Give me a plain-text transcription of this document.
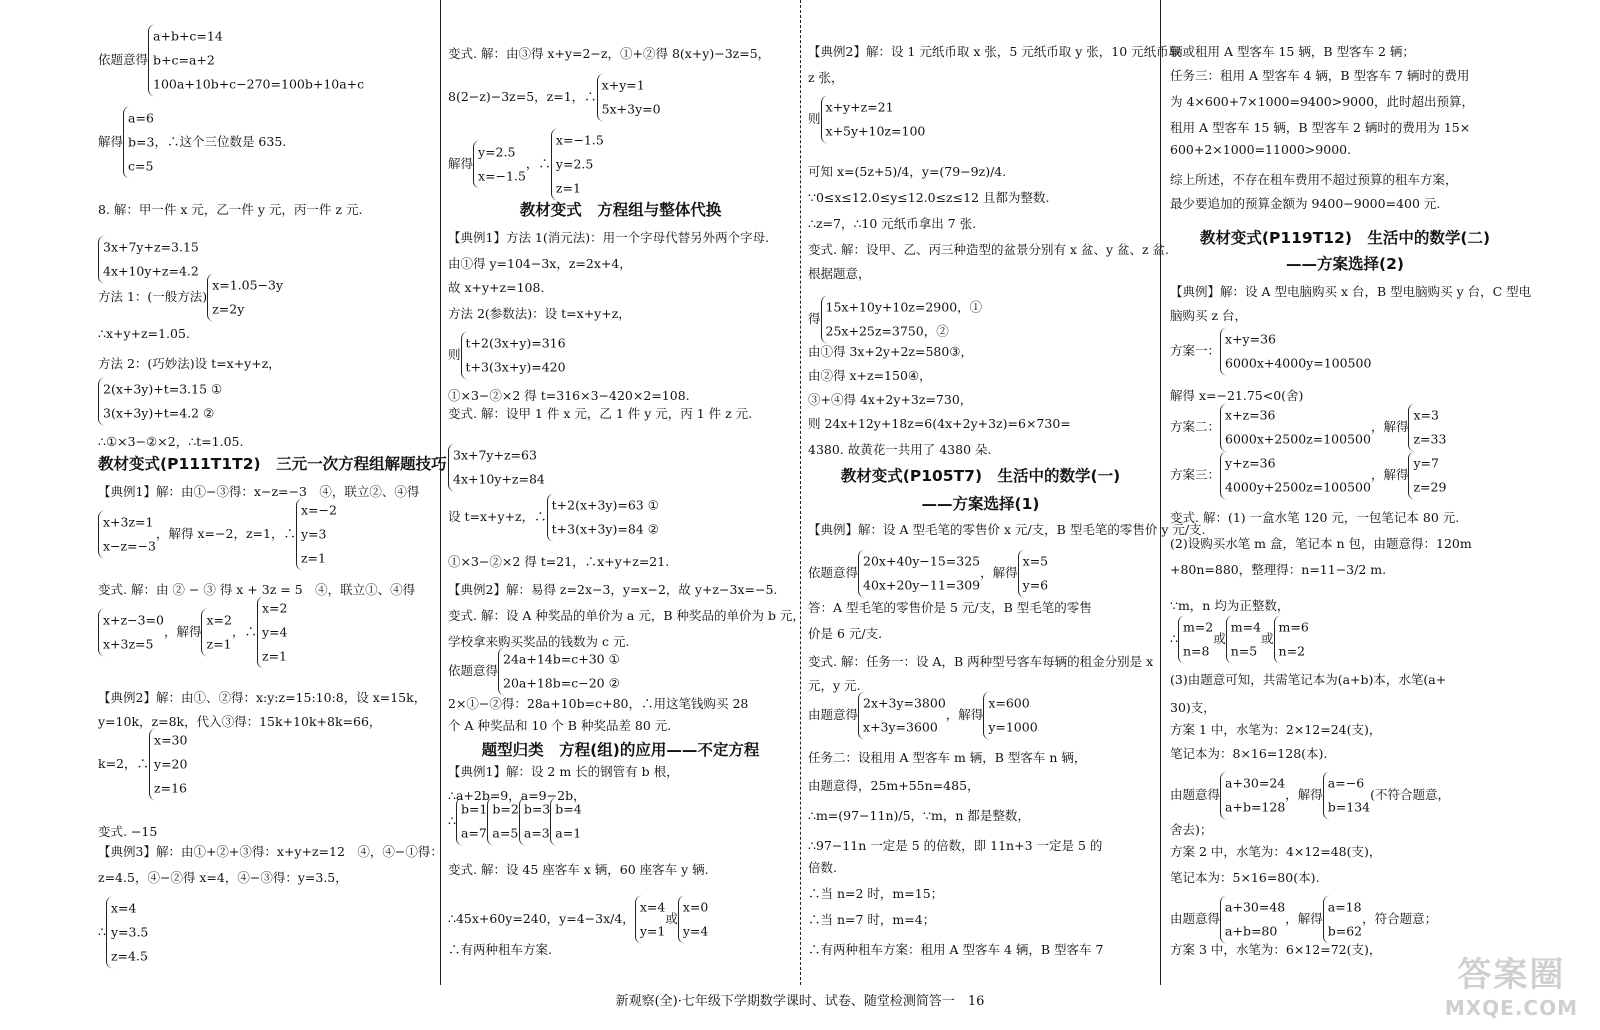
依题意得a+b+c=14
b+c=a+2
100a+10b+c−270=100b+10a+c
解得a=6
b=3
c=5，∴这个三位数是 635.
8. 解：甲一件 x 元，乙一件 y 元，丙一件 z 元.
3x+7y+z=3.15
4x+10y+z=4.2
方法 1：(一般方法)x=1.05−3y
z=2y
∴x+y+z=1.05.
方法 2：(巧妙法)设 t=x+y+z，
2(x+3y)+t=3.15 ①
3(x+3y)+t=4.2 ②
∴①×3−②×2，∴t=1.05.
教材变式(P111T1T2)　三元一次方程组解题技巧
【典例1】解：由①−③得：x−z=−3　④，联立②、④得
x+3z=1
x−z=−3，解得 x=−2，z=1，∴x=−2
y=3
z=1
变式. 解：由 ② − ③ 得 x + 3z = 5　④，联立①、④得
x+z−3=0
x+3z=5，解得x=2
z=1，∴x=2
y=4
z=1
【典例2】解：由①、②得：x:y:z=15:10:8，设 x=15k，
y=10k，z=8k，代入③得：15k+10k+8k=66，
k=2，∴x=30
y=20
z=16
变式. −15
【典例3】解：由①+②+③得：x+y+z=12　④，④−①得：
z=4.5，④−②得 x=4，④−③得：y=3.5，
∴x=4
y=3.5
z=4.5
变式. 解：由③得 x+y=2−z，①+②得 8(x+y)−3z=5，
8(2−z)−3z=5，z=1，∴x+y=1
5x+3y=0
解得y=2.5
x=−1.5，∴x=−1.5
y=2.5
z=1
教材变式　方程组与整体代换
【典例1】方法 1(消元法)：用一个字母代替另外两个字母.
由①得 y=104−3x，z=2x+4，
故 x+y+z=108.
方法 2(参数法)：设 t=x+y+z，
则t+2(3x+y)=316
t+3(3x+y)=420
①×3−②×2 得 t=316×3−420×2=108.
变式. 解：设甲 1 件 x 元，乙 1 件 y 元，丙 1 件 z 元.
3x+7y+z=63
4x+10y+z=84
设 t=x+y+z，∴t+2(x+3y)=63 ①
t+3(x+3y)=84 ②
①×3−②×2 得 t=21，∴x+y+z=21.
【典例2】解：易得 z=2x−3，y=x−2，故 y+z−3x=−5.
变式. 解：设 A 种奖品的单价为 a 元，B 种奖品的单价为 b 元，
学校拿来购买奖品的钱数为 c 元.
依题意得24a+14b=c+30 ①
20a+18b=c−20 ②
2×①−②得：28a+10b=c+80，∴用这笔钱购买 28
个 A 种奖品和 10 个 B 种奖品差 80 元.
题型归类　方程(组)的应用——不定方程
【典例1】解：设 2 m 长的钢管有 b 根，
∴a+2b=9，a=9−2b，
∴b=1
a=7b=2
a=5b=3
a=3b=4
a=1
变式. 解：设 45 座客车 x 辆，60 座客车 y 辆.
∴45x+60y=240，y=4−3x/4，x=4
y=1或x=0
y=4
∴有两种租车方案.
【典例2】解：设 1 元纸币取 x 张，5 元纸币取 y 张，10 元纸币取
z 张，
则x+y+z=21
x+5y+10z=100
可知 x=(5z+5)/4，y=(79−9z)/4.
∵0≤x≤12.0≤y≤12.0≤z≤12 且都为整数.
∴z=7，∴10 元纸币拿出 7 张.
变式. 解：设甲、乙、丙三种造型的盆景分别有 x 盆、y 盆、z 盆.
根据题意，
得15x+10y+10z=2900，①
25x+25z=3750，②
由①得 3x+2y+2z=580③，
由②得 x+z=150④，
③+④得 4x+2y+3z=730，
则 24x+12y+18z=6(4x+2y+3z)=6×730=
4380. 故黄花一共用了 4380 朵.
教材变式(P105T7)　生活中的数学(一)
——方案选择(1)
【典例】解：设 A 型毛笔的零售价 x 元/支，B 型毛笔的零售价 y 元/支.
依题意得20x+40y−15=325
40x+20y−11=309，解得x=5
y=6
答：A 型毛笔的零售价是 5 元/支，B 型毛笔的零售
价是 6 元/支.
变式. 解：任务一：设 A，B 两种型号客车每辆的租金分别是 x
元，y 元.
由题意得2x+3y=3800
x+3y=3600，解得x=600
y=1000
任务二：设租用 A 型客车 m 辆，B 型客车 n 辆，
由题意得，25m+55n=485，
∴m=(97−11n)/5，∵m，n 都是整数，
∴97−11n 一定是 5 的倍数，即 11n+3 一定是 5 的
倍数.
∴当 n=2 时，m=15；
∴当 n=7 时，m=4；
∴有两种租车方案：租用 A 型客车 4 辆，B 型客车 7
辆或租用 A 型客车 15 辆，B 型客车 2 辆；
任务三：租用 A 型客车 4 辆，B 型客车 7 辆时的费用
为 4×600+7×1000=9400>9000，此时超出预算，
租用 A 型客车 15 辆，B 型客车 2 辆时的费用为 15×
600+2×1000=11000>9000.
综上所述，不存在租车费用不超过预算的租车方案，
最少要追加的预算金额为 9400−9000=400 元.
教材变式(P119T12)　生活中的数学(二)
——方案选择(2)
【典例】解：设 A 型电脑购买 x 台，B 型电脑购买 y 台，C 型电
脑购买 z 台，
方案一：x+y=36
6000x+4000y=100500
解得 x=−21.75<0(舍)
方案二：x+z=36
6000x+2500z=100500，解得x=3
z=33
方案三：y+z=36
4000y+2500z=100500，解得y=7
z=29
变式. 解：(1) 一盒水笔 120 元，一包笔记本 80 元.
(2)设购买水笔 m 盒，笔记本 n 包，由题意得：120m
+80n=880，整理得：n=11−3/2 m.
∵m，n 均为正整数，
∴m=2
n=8或m=4
n=5或m=6
n=2
(3)由题意可知，共需笔记本为(a+b)本，水笔(a+
30)支，
方案 1 中，水笔为：2×12=24(支)，
笔记本为：8×16=128(本).
由题意得a+30=24
a+b=128，解得a=−6
b=134(不符合题意，
舍去)；
方案 2 中，水笔为：4×12=48(支)，
笔记本为：5×16=80(本).
由题意得a+30=48
a+b=80，解得a=18
b=62，符合题意；
方案 3 中，水笔为：6×12=72(支)，
新观察(全)·七年级下学期数学课时、试卷、随堂检测简答一　16
答案圈
MXQE.COM
